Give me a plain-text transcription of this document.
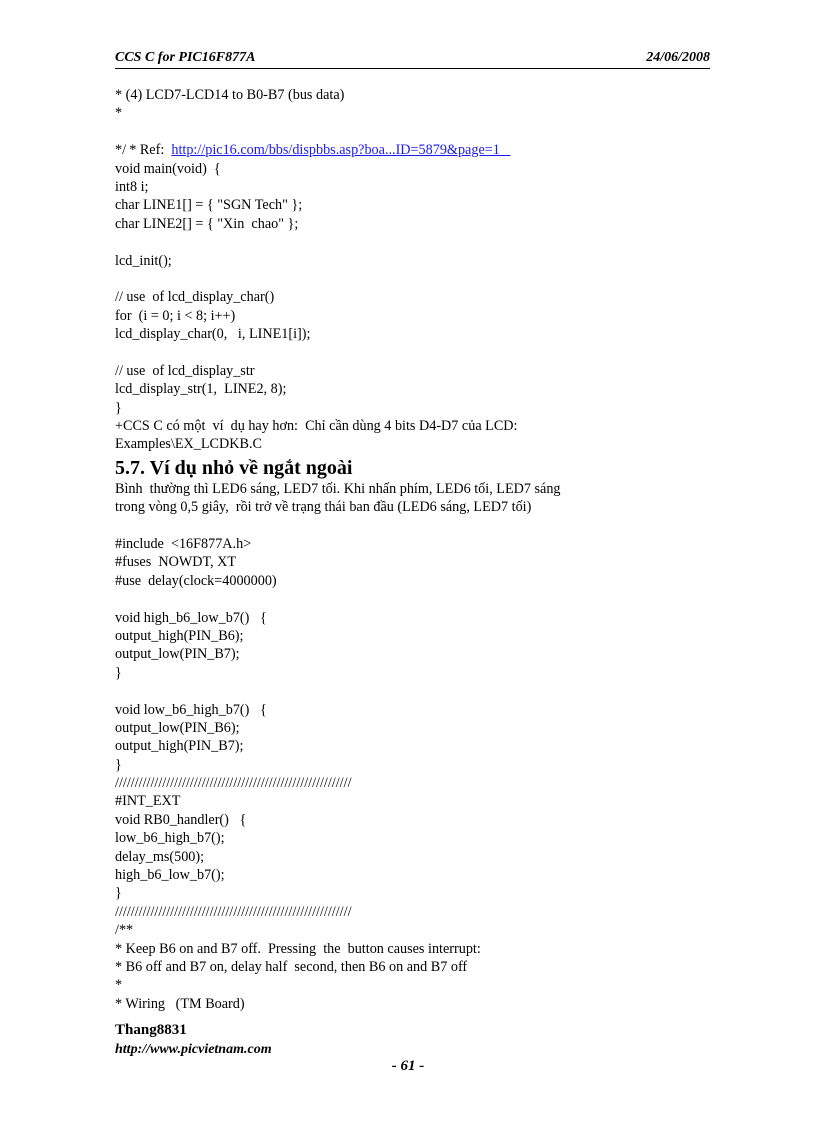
CCS C for PIC16F877A	24/06/2008
* (4) LCD7-LCD14 to B0-B7 (bus data)
*

* Ref:  http://pic16.com/bbs/dispbbs.asp?boa...ID=5879&page=1

*/
void main(void)  {
int8 i;
char LINE1[] = { "SGN Tech" };
char LINE2[] = { "Xin  chao" };
lcd_init();
// use  of lcd_display_char()
for  (i = 0; i < 8; i++)
lcd_display_char(0,   i, LINE1[i]);
// use  of lcd_display_str
lcd_display_str(1,  LINE2, 8);
}
+CCS C có một  ví  dụ hay hơn:  Chỉ cần dùng 4 bits D4-D7 của LCD:
Examples\EX_LCDKB.C
5.7. Ví dụ nhỏ về ngắt ngoài
Bình  thường thì LED6 sáng, LED7 tối. Khi nhấn phím, LED6 tối, LED7 sáng
trong vòng 0,5 giây,  rồi trở về trạng thái ban đầu (LED6 sáng, LED7 tối)
#include  <16F877A.h>
#fuses  NOWDT, XT
#use  delay(clock=4000000)
void high_b6_low_b7()   {
output_high(PIN_B6);
output_low(PIN_B7);
}
void low_b6_high_b7()   {
output_low(PIN_B6);
output_high(PIN_B7);
}
////////////////////////////////////////////////////////////
#INT_EXT
void RB0_handler()   {
low_b6_high_b7();
delay_ms(500);
high_b6_low_b7();
}
////////////////////////////////////////////////////////////
/**
* Keep B6 on and B7 off.  Pressing  the  button causes interrupt:
* B6 off and B7 on, delay half  second, then B6 on and B7 off
*
* Wiring   (TM Board)
Thang8831
http://www.picvietnam.com
- 61 -
